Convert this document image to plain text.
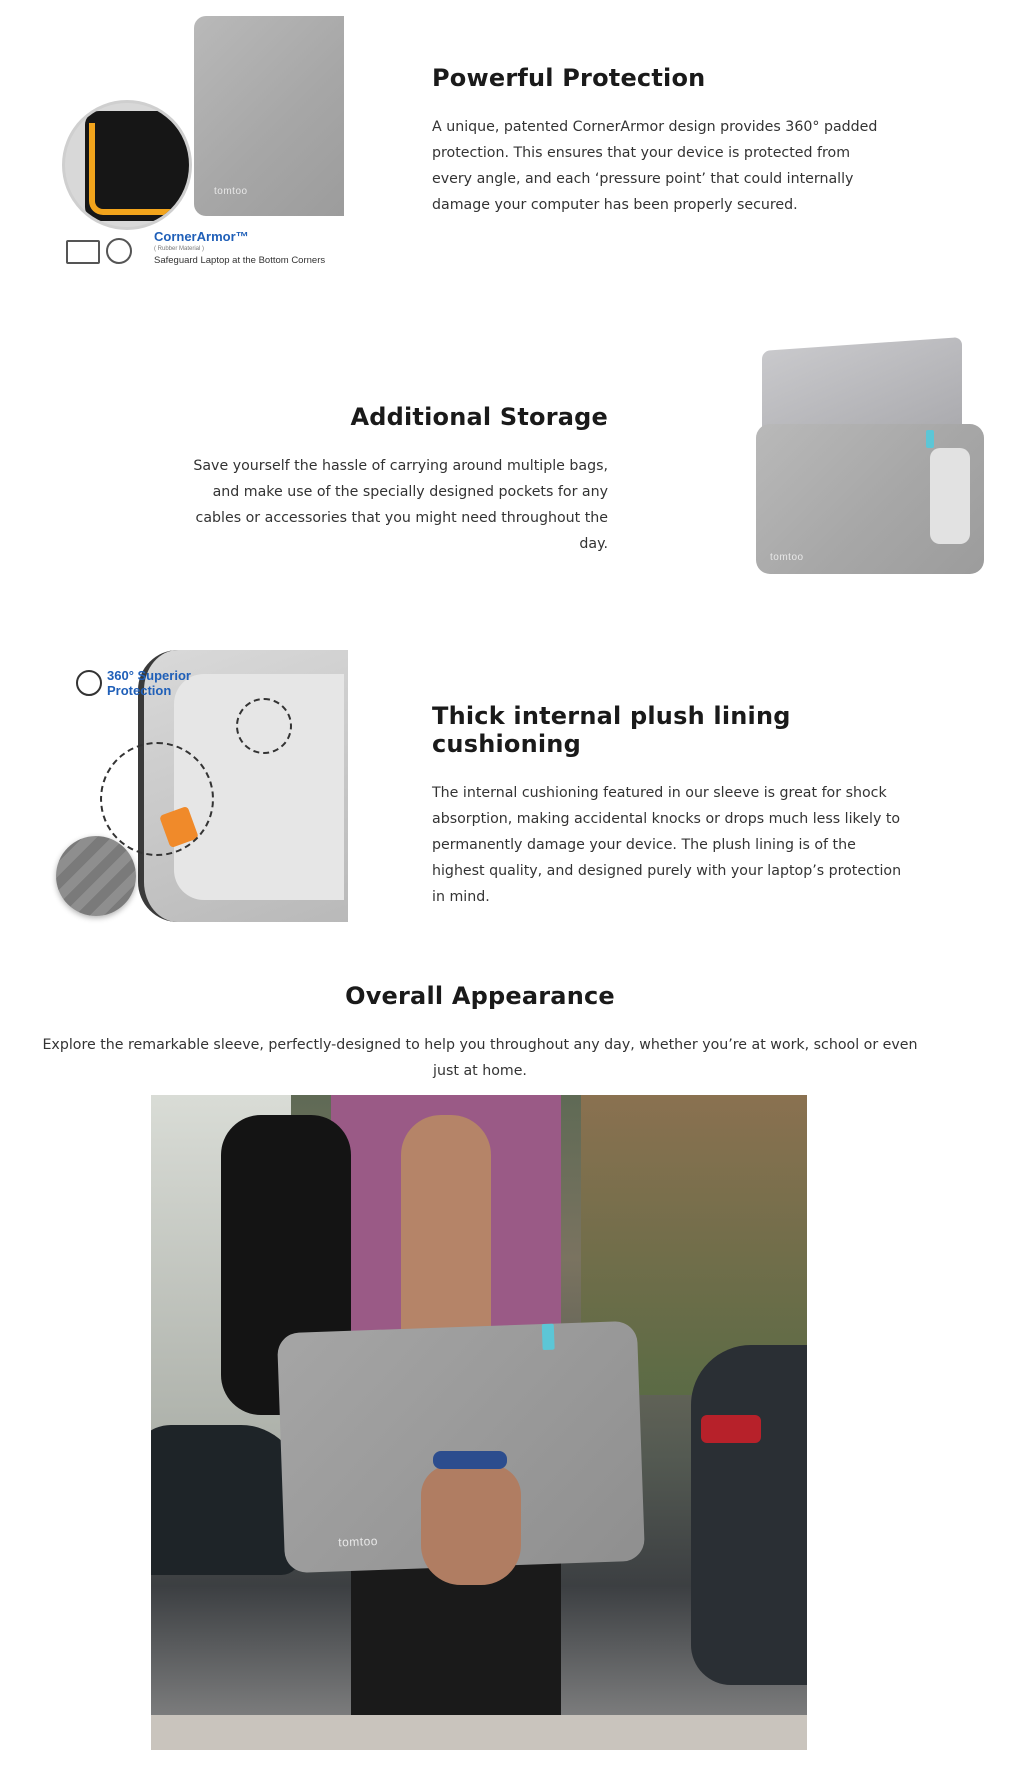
tomtoo
CornerArmor™
( Rubber Material )
Safeguard Laptop at the Bottom Corners
Powerful Protection

A unique, patented CornerArmor design provides 360° padded protection. This ensures that your device is protected from every angle, and each ‘pressure point’ that could internally damage your computer has been properly secured.

Additional Storage

Save yourself the hassle of carrying around multiple bags, and make use of the specially designed pockets for any cables or accessories that you might need throughout the day.

tomtoo
360° Superior Protection
Thick internal plush lining cushioning

The internal cushioning featured in our sleeve is great for shock absorption, making accidental knocks or drops much less likely to permanently damage your device. The plush lining is of the highest quality, and designed purely with your laptop’s protection in mind.

Overall Appearance

Explore the remarkable sleeve, perfectly-designed to help you throughout any day, whether you’re at work, school or even just at home.

tomtoo
